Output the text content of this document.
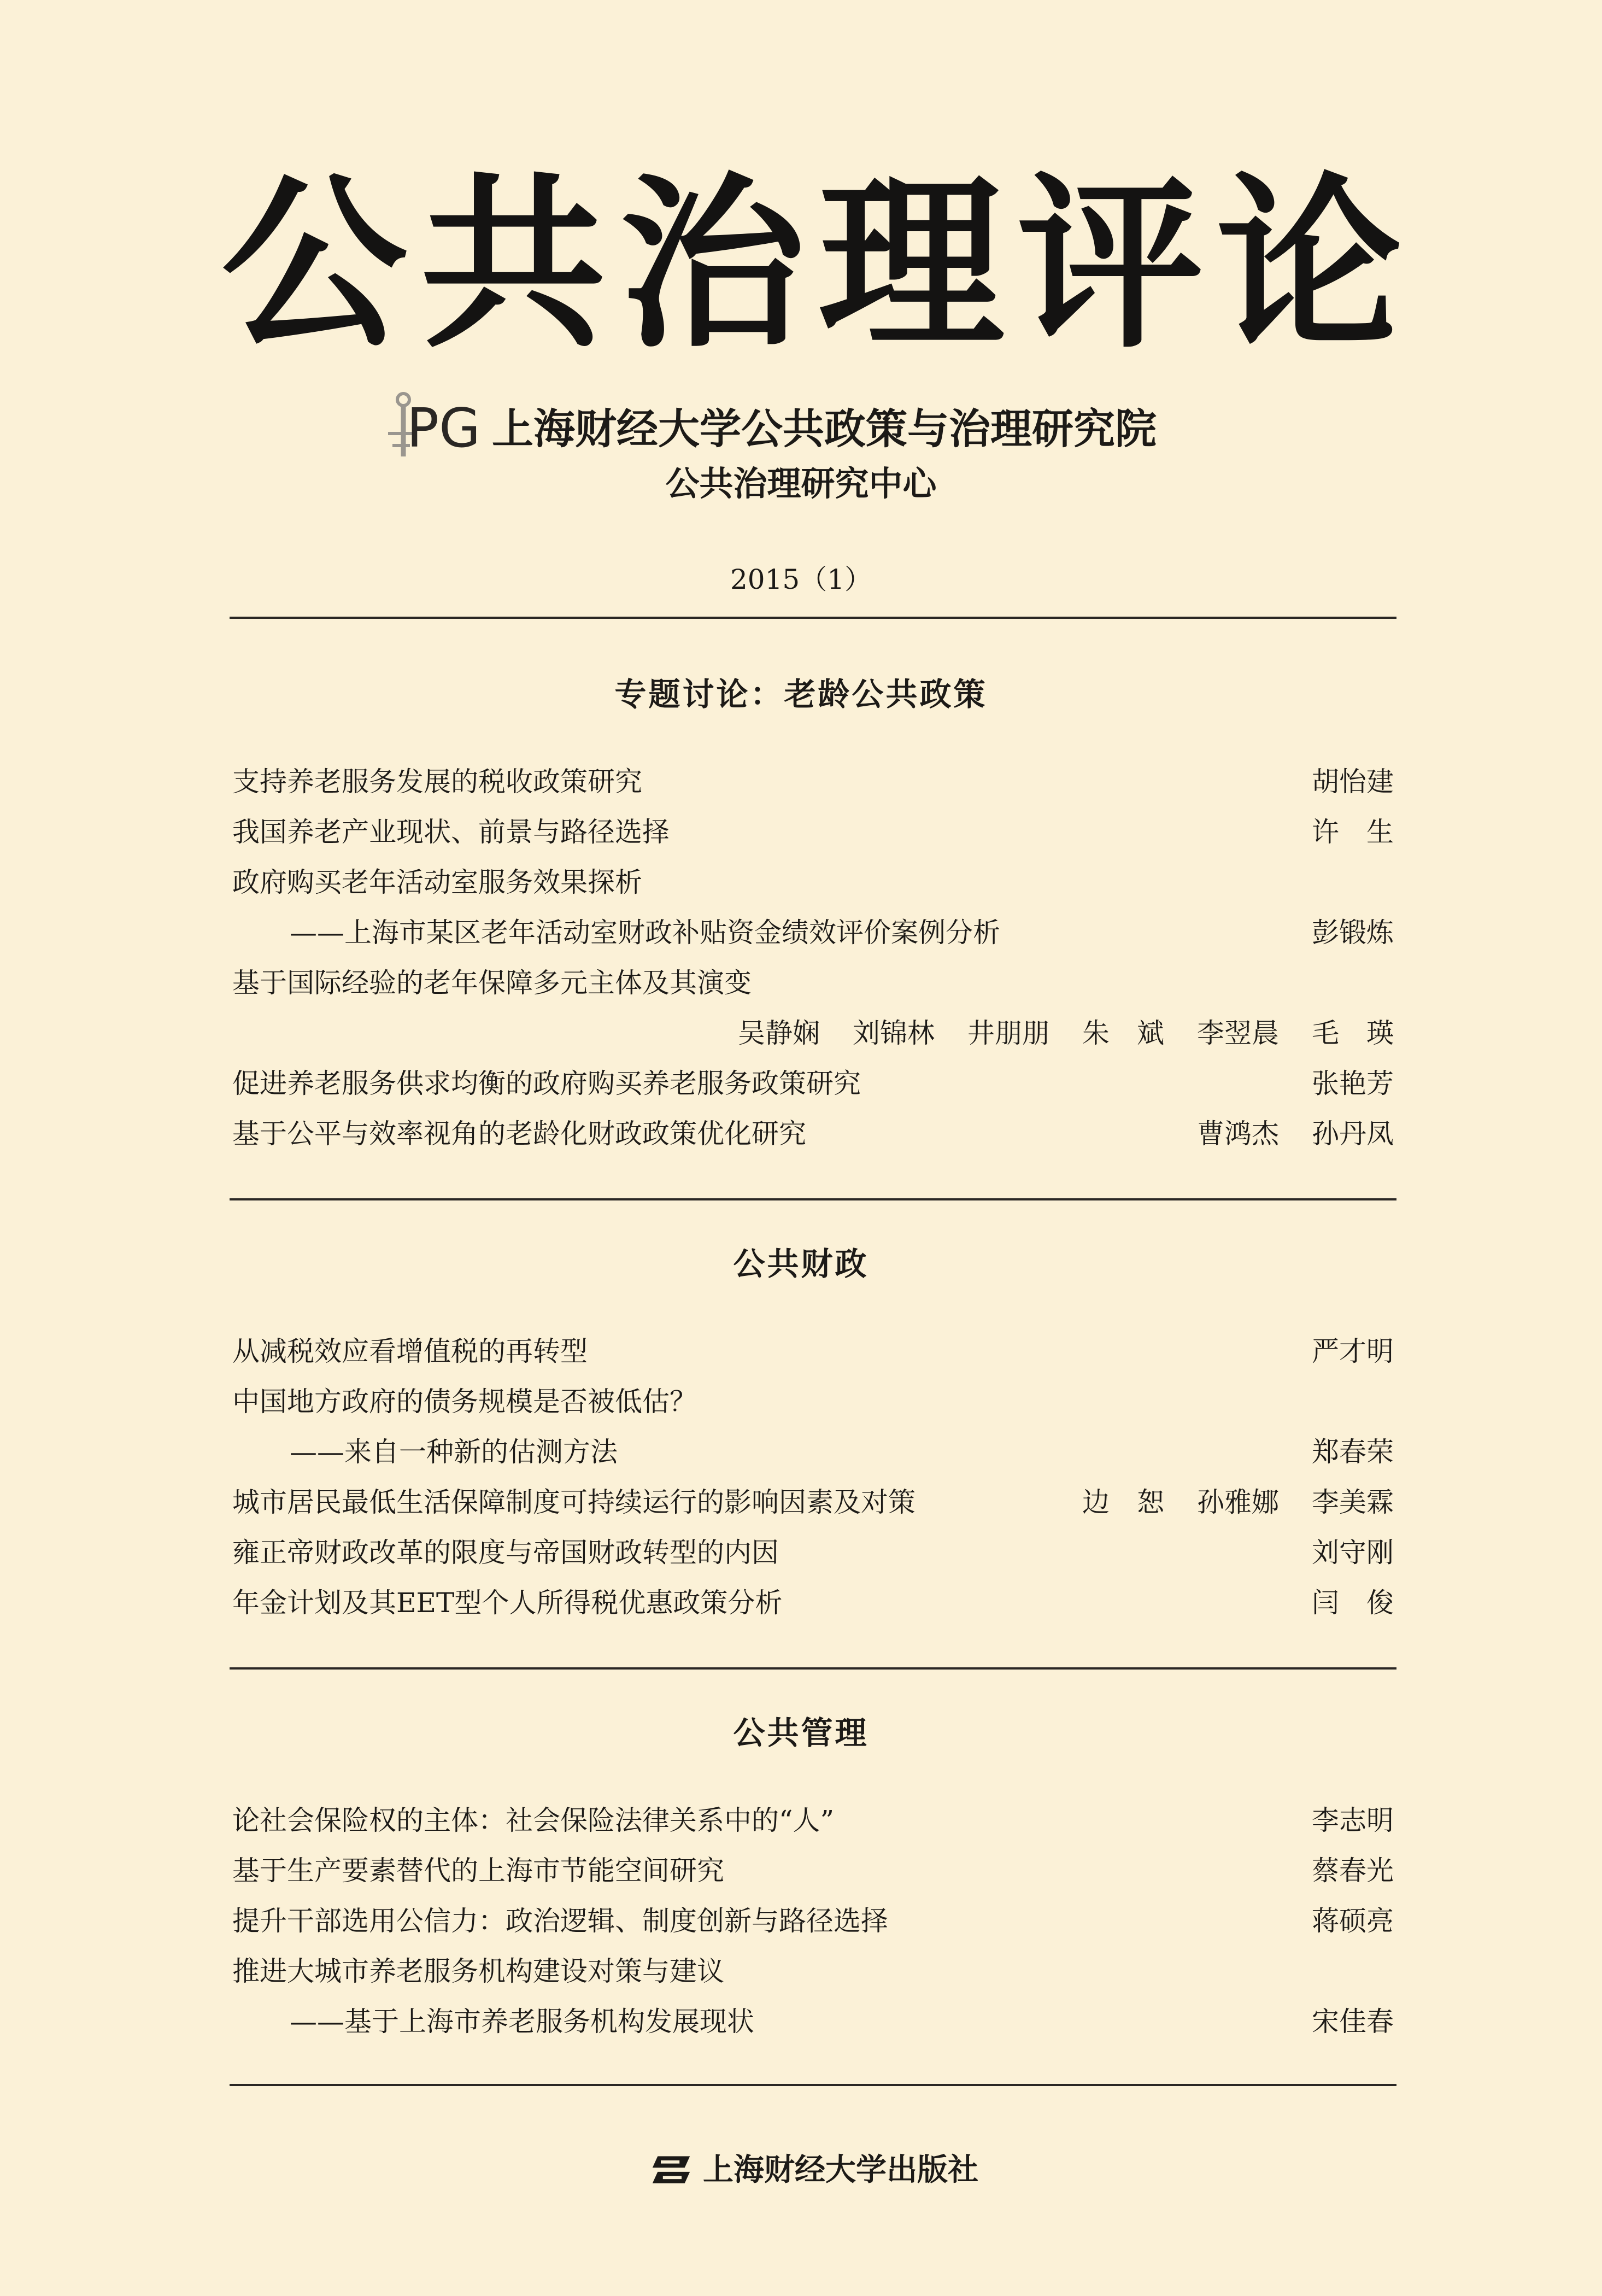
公 共 治 理 评 论
PG 上海财经大学公共政策与治理研究院
公共治理研究中心
2015（1）
专题讨论：老龄公共政策
支持养老服务发展的税收政策研究	胡怡建
我国养老产业现状、前景与路径选择	许　生
政府购买老年活动室服务效果探析
——上海市某区老年活动室财政补贴资金绩效评价案例分析	彭锻炼
基于国际经验的老年保障多元主体及其演变
吴静娴 刘锦林 井朋朋 朱　斌 李翌晨 毛　瑛
促进养老服务供求均衡的政府购买养老服务政策研究	张艳芳
基于公平与效率视角的老龄化财政政策优化研究	曹鸿杰 孙丹凤
公共财政
从减税效应看增值税的再转型	严才明
中国地方政府的债务规模是否被低估？
——来自一种新的估测方法	郑春荣
城市居民最低生活保障制度可持续运行的影响因素及对策	边　恕 孙雅娜 李美霖
雍正帝财政改革的限度与帝国财政转型的内因	刘守刚
年金计划及其EET型个人所得税优惠政策分析	闫　俊
公共管理
论社会保险权的主体：社会保险法律关系中的“人”	李志明
基于生产要素替代的上海市节能空间研究	蔡春光
提升干部选用公信力：政治逻辑、制度创新与路径选择	蒋硕亮
推进大城市养老服务机构建设对策与建议
——基于上海市养老服务机构发展现状	宋佳春
上海财经大学出版社
